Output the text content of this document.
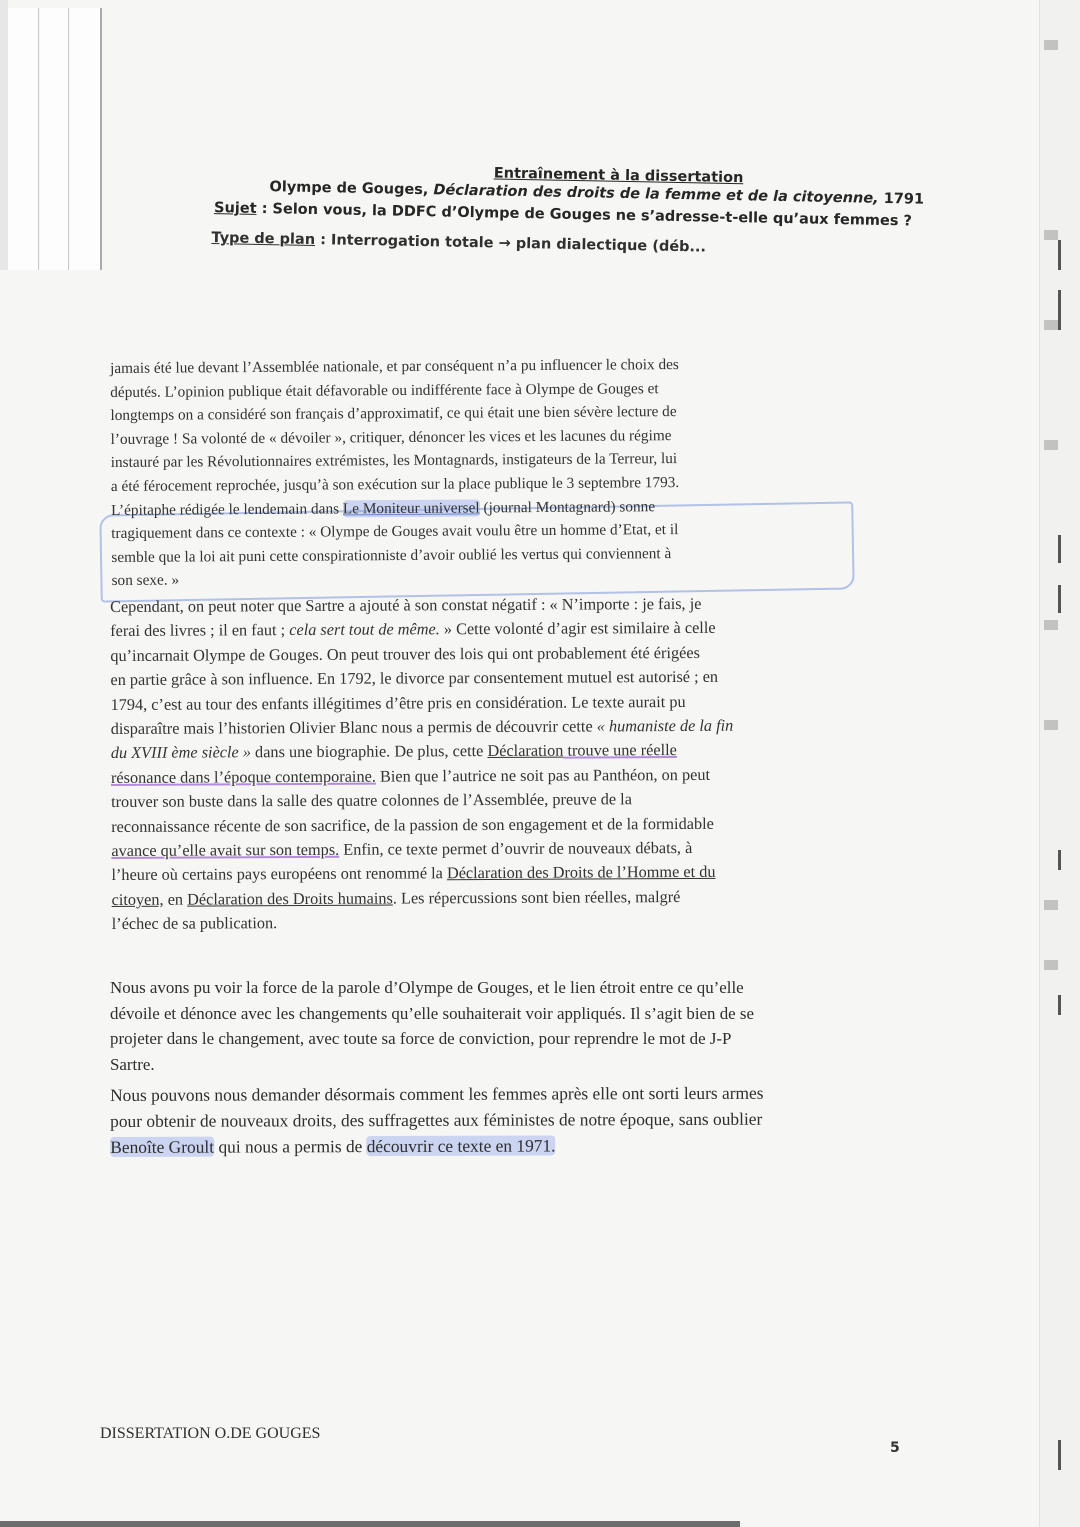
Entraînement à la dissertation
Olympe de Gouges, Déclaration des droits de la femme et de la citoyenne, 1791
Sujet : Selon vous, la DDFC d’Olympe de Gouges ne s’adresse-t-elle qu’aux femmes ?
Type de plan : Interrogation totale → plan dialectique (déb...

jamais été lue devant l’Assemblée nationale, et par conséquent n’a pu influencer le choix des

députés. L’opinion publique était défavorable ou indifférente face à Olympe de Gouges et

longtemps on a considéré son français d’approximatif, ce qui était une bien sévère lecture de

l’ouvrage ! Sa volonté de « dévoiler », critiquer, dénoncer les vices et les lacunes du régime

instauré par les Révolutionnaires extrémistes, les Montagnards, instigateurs de la Terreur, lui

a été férocement reprochée, jusqu’à son exécution sur la place publique le 3 septembre 1793.

L’épitaphe rédigée le lendemain dans Le Moniteur universel (journal Montagnard) sonne

tragiquement dans ce contexte : « Olympe de Gouges avait voulu être un homme d’Etat, et il

semble que la loi ait puni cette conspirationniste d’avoir oublié les vertus qui conviennent à

son sexe. »

Cependant, on peut noter que Sartre a ajouté à son constat négatif : « N’importe : je fais, je

ferai des livres ; il en faut ; cela sert tout de même. » Cette volonté d’agir est similaire à celle

qu’incarnait Olympe de Gouges. On peut trouver des lois qui ont probablement été érigées

en partie grâce à son influence. En 1792, le divorce par consentement mutuel est autorisé ; en

1794, c’est au tour des enfants illégitimes d’être pris en considération. Le texte aurait pu

disparaître mais l’historien Olivier Blanc nous a permis de découvrir cette « humaniste de la fin

du XVIII ème siècle » dans une biographie. De plus, cette Déclaration trouve une réelle

résonance dans l’époque contemporaine. Bien que l’autrice ne soit pas au Panthéon, on peut

trouver son buste dans la salle des quatre colonnes de l’Assemblée, preuve de la

reconnaissance récente de son sacrifice, de la passion de son engagement et de la formidable

avance qu’elle avait sur son temps. Enfin, ce texte permet d’ouvrir de nouveaux débats, à

l’heure où certains pays européens ont renommé la Déclaration des Droits de l’Homme et du

citoyen, en Déclaration des Droits humains. Les répercussions sont bien réelles, malgré

l’échec de sa publication.

Nous avons pu voir la force de la parole d’Olympe de Gouges, et le lien étroit entre ce qu’elle

dévoile et dénonce avec les changements qu’elle souhaiterait voir appliqués. Il s’agit bien de se

projeter dans le changement, avec toute sa force de conviction, pour reprendre le mot de J-P

Sartre.

Nous pouvons nous demander désormais comment les femmes après elle ont sorti leurs armes

pour obtenir de nouveaux droits, des suffragettes aux féministes de notre époque, sans oublier

Benoîte Groult qui nous a permis de découvrir ce texte en 1971.

DISSERTATION O.DE GOUGES
5
